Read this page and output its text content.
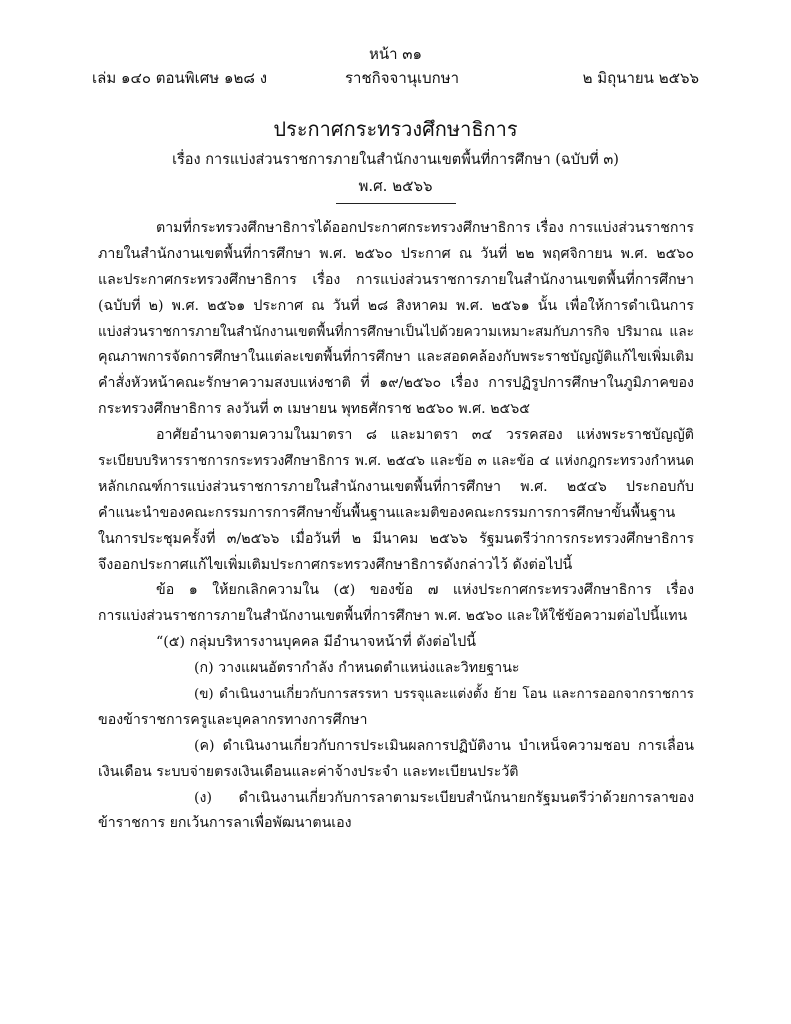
หน้า ๓๑
เล่ม ๑๔๐ ตอนพิเศษ ๑๒๘ ง	ราชกิจจานุเบกษา	๒ มิถุนายน ๒๕๖๖
ประกาศกระทรวงศึกษาธิการ
เรื่อง การแบ่งส่วนราชการภายในสำนักงานเขตพื้นที่การศึกษา (ฉบับที่ ๓)
พ.ศ. ๒๕๖๖
ตามที่กระทรวงศึกษาธิการได้ออกประกาศกระทรวงศึกษาธิการ เรื่อง การแบ่งส่วนราชการ
ภายในสำนักงานเขตพื้นที่การศึกษา พ.ศ. ๒๕๖๐ ประกาศ ณ วันที่ ๒๒ พฤศจิกายน พ.ศ. ๒๕๖๐
และประกาศกระทรวงศึกษาธิการ เรื่อง การแบ่งส่วนราชการภายในสำนักงานเขตพื้นที่การศึกษา
(ฉบับที่ ๒) พ.ศ. ๒๕๖๑ ประกาศ ณ วันที่ ๒๘ สิงหาคม พ.ศ. ๒๕๖๑ นั้น เพื่อให้การดำเนินการ
แบ่งส่วนราชการภายในสำนักงานเขตพื้นที่การศึกษาเป็นไปด้วยความเหมาะสมกับภารกิจ ปริมาณ และ
คุณภาพการจัดการศึกษาในแต่ละเขตพื้นที่การศึกษา และสอดคล้องกับพระราชบัญญัติแก้ไขเพิ่มเติม
คำสั่งหัวหน้าคณะรักษาความสงบแห่งชาติ ที่ ๑๙/๒๕๖๐ เรื่อง การปฏิรูปการศึกษาในภูมิภาคของ
กระทรวงศึกษาธิการ ลงวันที่ ๓ เมษายน พุทธศักราช ๒๕๖๐ พ.ศ. ๒๕๖๕
อาศัยอำนาจตามความในมาตรา ๘ และมาตรา ๓๔ วรรคสอง แห่งพระราชบัญญัติ
ระเบียบบริหารราชการกระทรวงศึกษาธิการ พ.ศ. ๒๕๔๖ และข้อ ๓ และข้อ ๔ แห่งกฎกระทรวงกำหนด
หลักเกณฑ์การแบ่งส่วนราชการภายในสำนักงานเขตพื้นที่การศึกษา พ.ศ. ๒๕๔๖ ประกอบกับ
คำแนะนำของคณะกรรมการการศึกษาขั้นพื้นฐานและมติของคณะกรรมการการศึกษาขั้นพื้นฐาน
ในการประชุมครั้งที่ ๓/๒๕๖๖ เมื่อวันที่ ๒ มีนาคม ๒๕๖๖ รัฐมนตรีว่าการกระทรวงศึกษาธิการ
จึงออกประกาศแก้ไขเพิ่มเติมประกาศกระทรวงศึกษาธิการดังกล่าวไว้ ดังต่อไปนี้
ข้อ ๑ ให้ยกเลิกความใน (๕) ของข้อ ๗ แห่งประกาศกระทรวงศึกษาธิการ เรื่อง
การแบ่งส่วนราชการภายในสำนักงานเขตพื้นที่การศึกษา พ.ศ. ๒๕๖๐ และให้ใช้ข้อความต่อไปนี้แทน
“(๕) กลุ่มบริหารงานบุคคล มีอำนาจหน้าที่ ดังต่อไปนี้
(ก) วางแผนอัตรากำลัง กำหนดตำแหน่งและวิทยฐานะ
(ข) ดำเนินงานเกี่ยวกับการสรรหา บรรจุและแต่งตั้ง ย้าย โอน และการออกจากราชการ
ของข้าราชการครูและบุคลากรทางการศึกษา
(ค) ดำเนินงานเกี่ยวกับการประเมินผลการปฏิบัติงาน บำเหน็จความชอบ การเลื่อน
เงินเดือน ระบบจ่ายตรงเงินเดือนและค่าจ้างประจำ และทะเบียนประวัติ
(ง) ดำเนินงานเกี่ยวกับการลาตามระเบียบสำนักนายกรัฐมนตรีว่าด้วยการลาของ
ข้าราชการ ยกเว้นการลาเพื่อพัฒนาตนเอง
